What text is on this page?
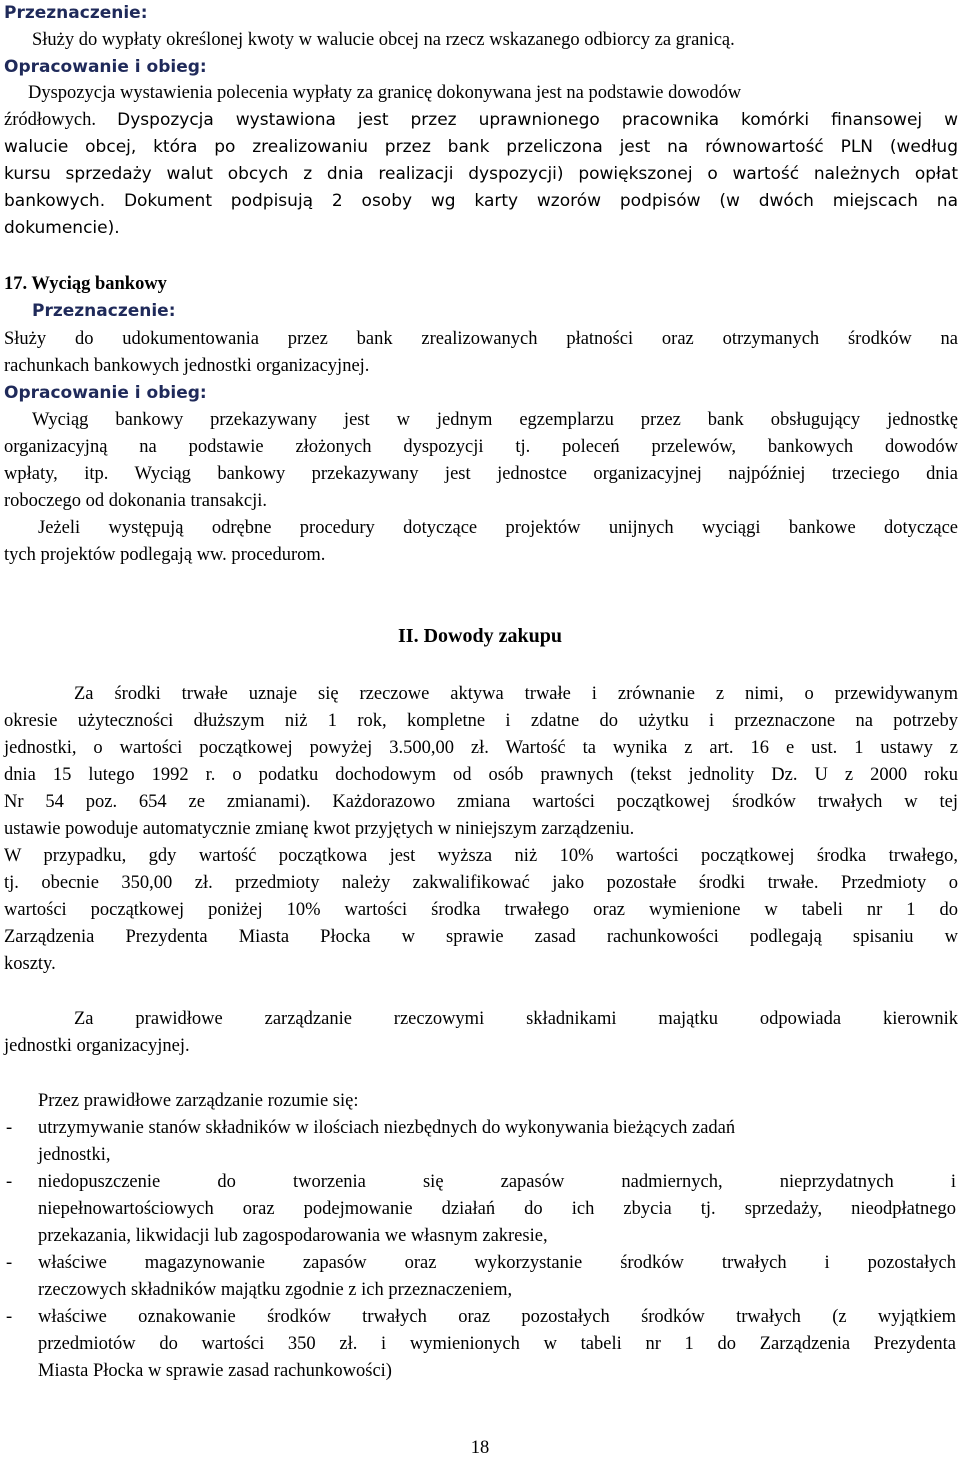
Przeznaczenie:
Służy do wypłaty określonej kwoty w walucie obcej na rzecz wskazanego odbiorcy za granicą.
Opracowanie i obieg:
Dyspozycja wystawienia polecenia wypłaty za granicę dokonywana jest na podstawie dowodów
źródłowych. Dyspozycja wystawiona jest przez uprawnionego pracownika komórki finansowej w
walucie obcej, która po zrealizowaniu przez bank przeliczona jest na równowartość PLN (według
kursu sprzedaży walut obcych z dnia realizacji dyspozycji) powiększonej o wartość należnych opłat
bankowych. Dokument podpisują 2 osoby wg karty wzorów podpisów (w dwóch miejscach na
dokumencie).
17. Wyciąg bankowy
Przeznaczenie:
Służy do udokumentowania przez bank zrealizowanych płatności oraz otrzymanych środków na
rachunkach bankowych jednostki organizacyjnej.
Opracowanie i obieg:
Wyciąg bankowy przekazywany jest w jednym egzemplarzu przez bank obsługujący jednostkę
organizacyjną na podstawie złożonych dyspozycji tj. poleceń przelewów, bankowych dowodów
wpłaty, itp. Wyciąg bankowy przekazywany jest jednostce organizacyjnej najpóźniej trzeciego dnia
roboczego od dokonania transakcji.
Jeżeli występują odrębne procedury dotyczące projektów unijnych wyciągi bankowe dotyczące
tych projektów podlegają ww. procedurom.
II. Dowody zakupu
Za środki trwałe uznaje się rzeczowe aktywa trwałe i zrównanie z nimi, o przewidywanym
okresie użyteczności dłuższym niż 1 rok, kompletne i zdatne do użytku i przeznaczone na potrzeby
jednostki, o wartości początkowej powyżej 3.500,00 zł. Wartość ta wynika z art. 16 e ust. 1 ustawy z
dnia 15 lutego 1992 r. o podatku dochodowym od osób prawnych (tekst jednolity Dz. U z 2000 roku
Nr 54 poz. 654 ze zmianami). Każdorazowo zmiana wartości początkowej środków trwałych w tej
ustawie powoduje automatycznie zmianę kwot przyjętych w niniejszym zarządzeniu.
W przypadku, gdy wartość początkowa jest wyższa niż 10% wartości początkowej środka trwałego,
tj. obecnie 350,00 zł. przedmioty należy zakwalifikować jako pozostałe środki trwałe. Przedmioty o
wartości początkowej poniżej 10% wartości środka trwałego oraz wymienione w tabeli nr 1 do
Zarządzenia Prezydenta Miasta Płocka w sprawie zasad rachunkowości podlegają spisaniu w
koszty.
Za prawidłowe zarządzanie rzeczowymi składnikami majątku odpowiada kierownik
jednostki organizacyjnej.
Przez prawidłowe zarządzanie rozumie się:
- utrzymywanie stanów składników w ilościach niezbędnych do wykonywania bieżących zadań
jednostki,
- niedopuszczenie do tworzenia się zapasów nadmiernych, nieprzydatnych i
niepełnowartościowych oraz podejmowanie działań do ich zbycia tj. sprzedaży, nieodpłatnego
przekazania, likwidacji lub zagospodarowania we własnym zakresie,
- właściwe magazynowanie zapasów oraz wykorzystanie środków trwałych i pozostałych
rzeczowych składników majątku zgodnie z ich przeznaczeniem,
- właściwe oznakowanie środków trwałych oraz pozostałych środków trwałych (z wyjątkiem
przedmiotów do wartości 350 zł. i wymienionych w tabeli nr 1 do Zarządzenia Prezydenta
Miasta Płocka w sprawie zasad rachunkowości)
18
